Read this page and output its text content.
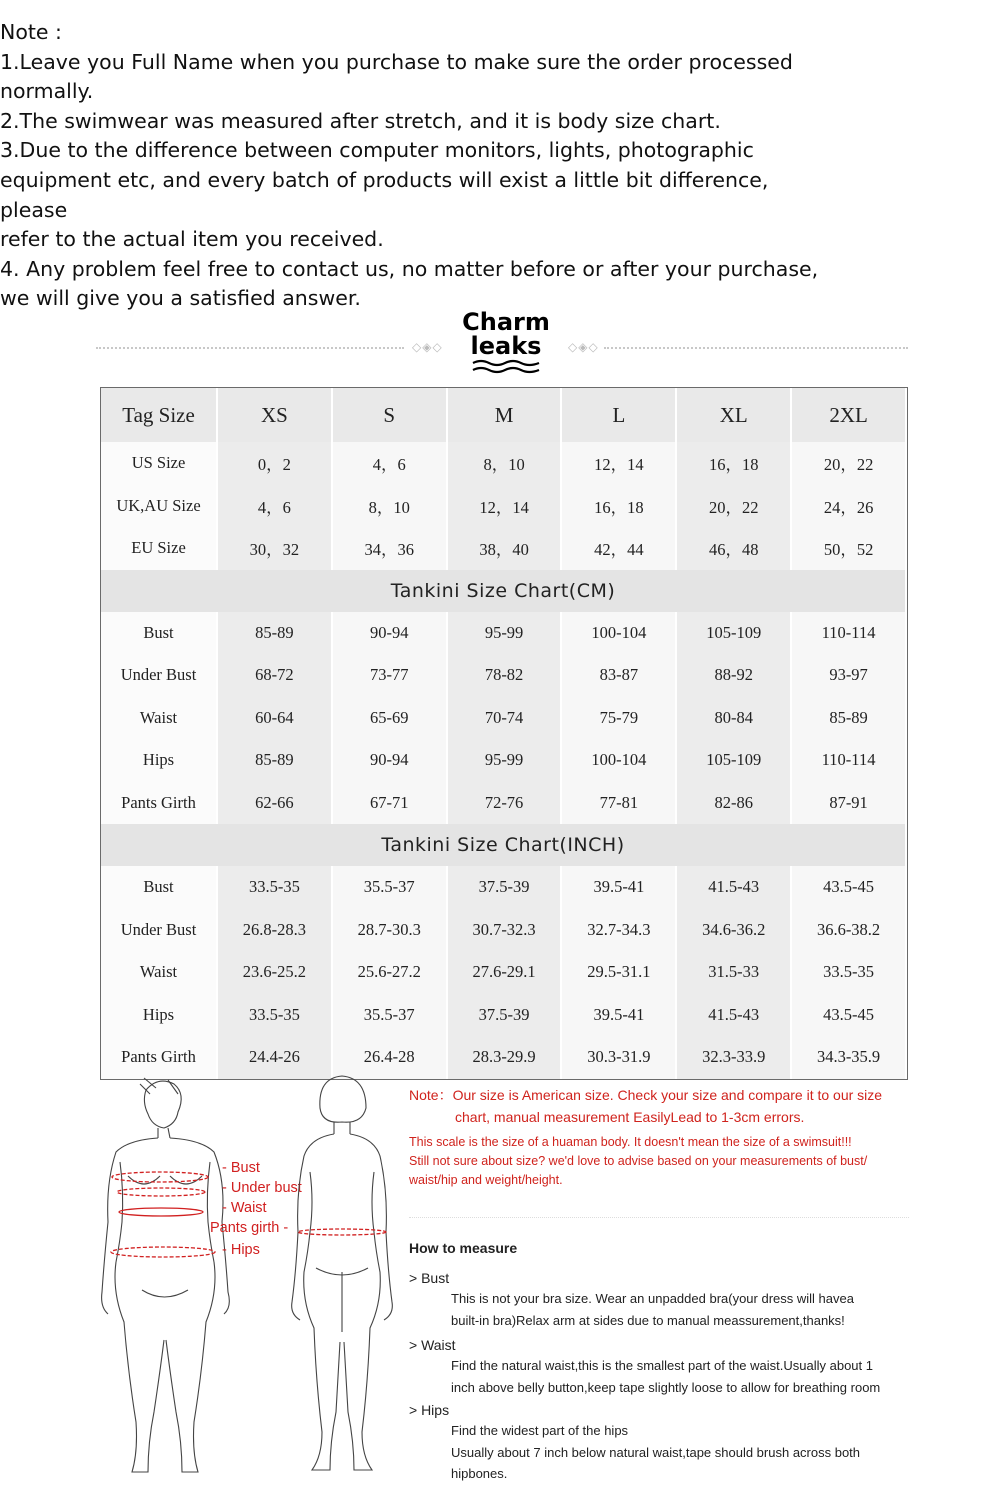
Note :
1.Leave you Full Name when you purchase to make sure the order processed
normally.
2.The swimwear was measured after stretch, and it is body size chart.
3.Due to the difference between computer monitors, lights, photographic
equipment etc, and every batch of products will exist a little bit difference, please
refer to the actual item you received.
4. Any problem feel free to contact us, no matter before or after your purchase,
we will give you a satisfied answer.
◇◈◇
Charm
leaks	◇◈◇
Tag Size	XS	S	M	L	XL	2XL
US Size	0，2	4，6	8，10	12，14	16，18	20，22
UK,AU Size	4，6	8，10	12，14	16，18	20，22	24，26
EU Size	30，32	34，36	38，40	42，44	46，48	50，52
Tankini Size Chart(CM)						
Bust	85-89	90-94	95-99	100-104	105-109	110-114
Under Bust	68-72	73-77	78-82	83-87	88-92	93-97
Waist	60-64	65-69	70-74	75-79	80-84	85-89
Hips	85-89	90-94	95-99	100-104	105-109	110-114
Pants Girth	62-66	67-71	72-76	77-81	82-86	87-91
Tankini Size Chart(INCH)						
Bust	33.5-35	35.5-37	37.5-39	39.5-41	41.5-43	43.5-45
Under Bust	26.8-28.3	28.7-30.3	30.7-32.3	32.7-34.3	34.6-36.2	36.6-38.2
Waist	23.6-25.2	25.6-27.2	27.6-29.1	29.5-31.1	31.5-33	33.5-35
Hips	33.5-35	35.5-37	37.5-39	39.5-41	41.5-43	43.5-45
Pants Girth	24.4-26	26.4-28	28.3-29.9	30.3-31.9	32.3-33.9	34.3-35.9
- Bust
- Under bust
- Waist
Pants girth -
- Hips
Note：Our size is American size. Check your size and compare it to our size
chart, manual measurement EasilyLead to 1-3cm errors.
This scale is the size of a huaman body. It doesn't mean the size of a swimsuit!!!
Still not sure about size? we'd love to advise based on your measurements of bust/
waist/hip and weight/height.
How to measure
> Bust
This is not your bra size. Wear an unpadded bra(your dress will havea
built-in bra)Relax arm at sides due to manual meassurement,thanks!
> Waist
Find the natural waist,this is the smallest part of the waist.Usually about 1
inch above belly button,keep tape slightly loose to allow for breathing room
> Hips
Find the widest part of the hips
Usually about 7 inch below natural waist,tape should brush across both
hipbones.
